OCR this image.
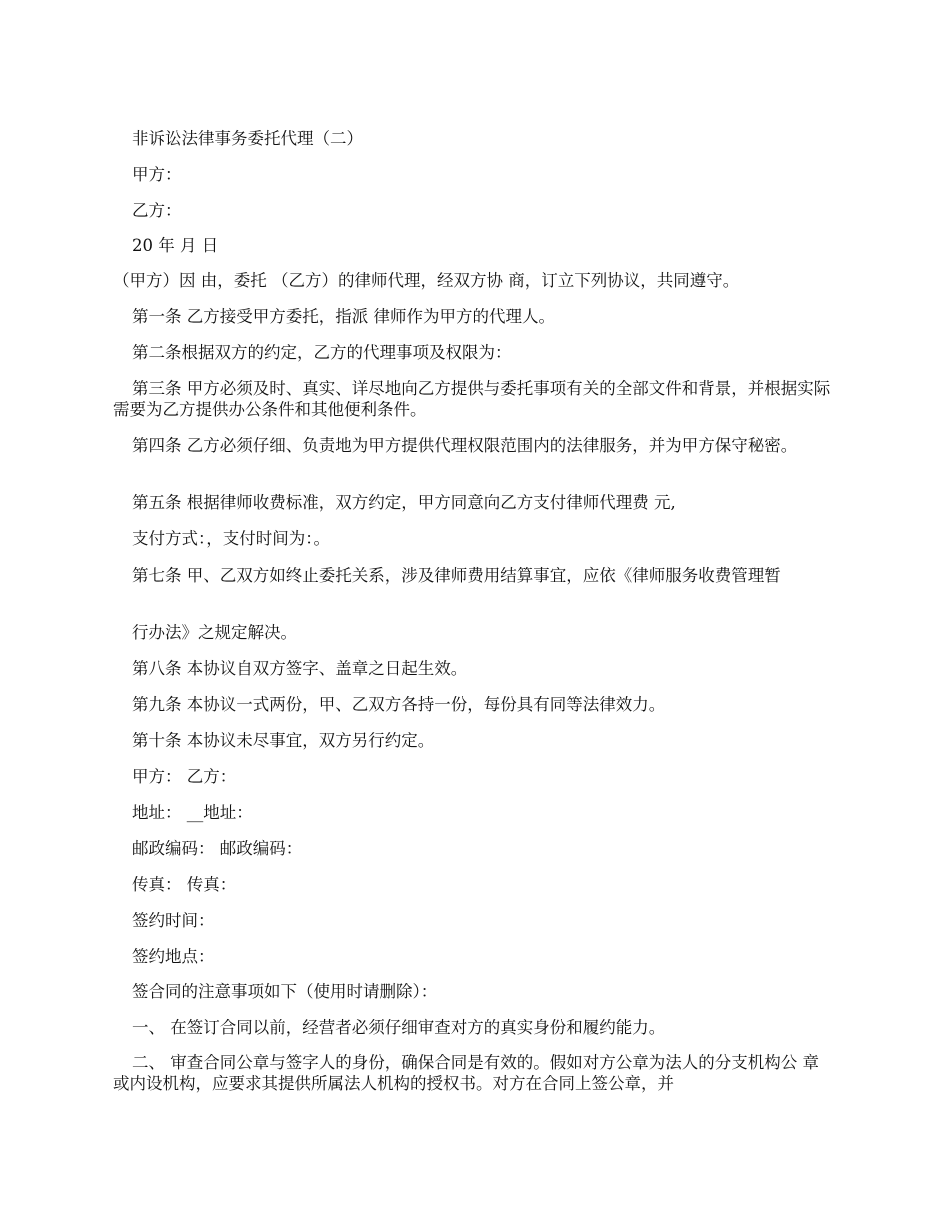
非诉讼法律事务委托代理（二）

甲方：

乙方：

20 年 月 日

（甲方）因 由，委托 （乙方）的律师代理，经双方协 商，订立下列协议，共同遵守。

第一条 乙方接受甲方委托，指派 律师作为甲方的代理人。

第二条根据双方的约定，乙方的代理事项及权限为：

第三条 甲方必须及时、真实、详尽地向乙方提供与委托事项有关的全部文件和背景，并根据实际需要为乙方提供办公条件和其他便利条件。

第四条 乙方必须仔细、负责地为甲方提供代理权限范围内的法律服务，并为甲方保守秘密。

第五条 根据律师收费标准，双方约定，甲方同意向乙方支付律师代理费 元,

支付方式：，支付时间为：。

第七条 甲、乙双方如终止委托关系，涉及律师费用结算事宜，应依《律师服务收费管理暂

行办法》之规定解决。

第八条 本协议自双方签字、盖章之日起生效。

第九条 本协议一式两份，甲、乙双方各持一份，每份具有同等法律效力。

第十条 本协议未尽事宜，双方另行约定。

甲方： 乙方：

地址： __地址：

邮政编码： 邮政编码：

传真： 传真：

签约时间：

签约地点：

签合同的注意事项如下（使用时请删除）：

一、 在签订合同以前，经营者必须仔细审查对方的真实身份和履约能力。

二、 审查合同公章与签字人的身份，确保合同是有效的。假如对方公章为法人的分支机构公 章或内设机构，应要求其提供所属法人机构的授权书。对方在合同上签公章，并
